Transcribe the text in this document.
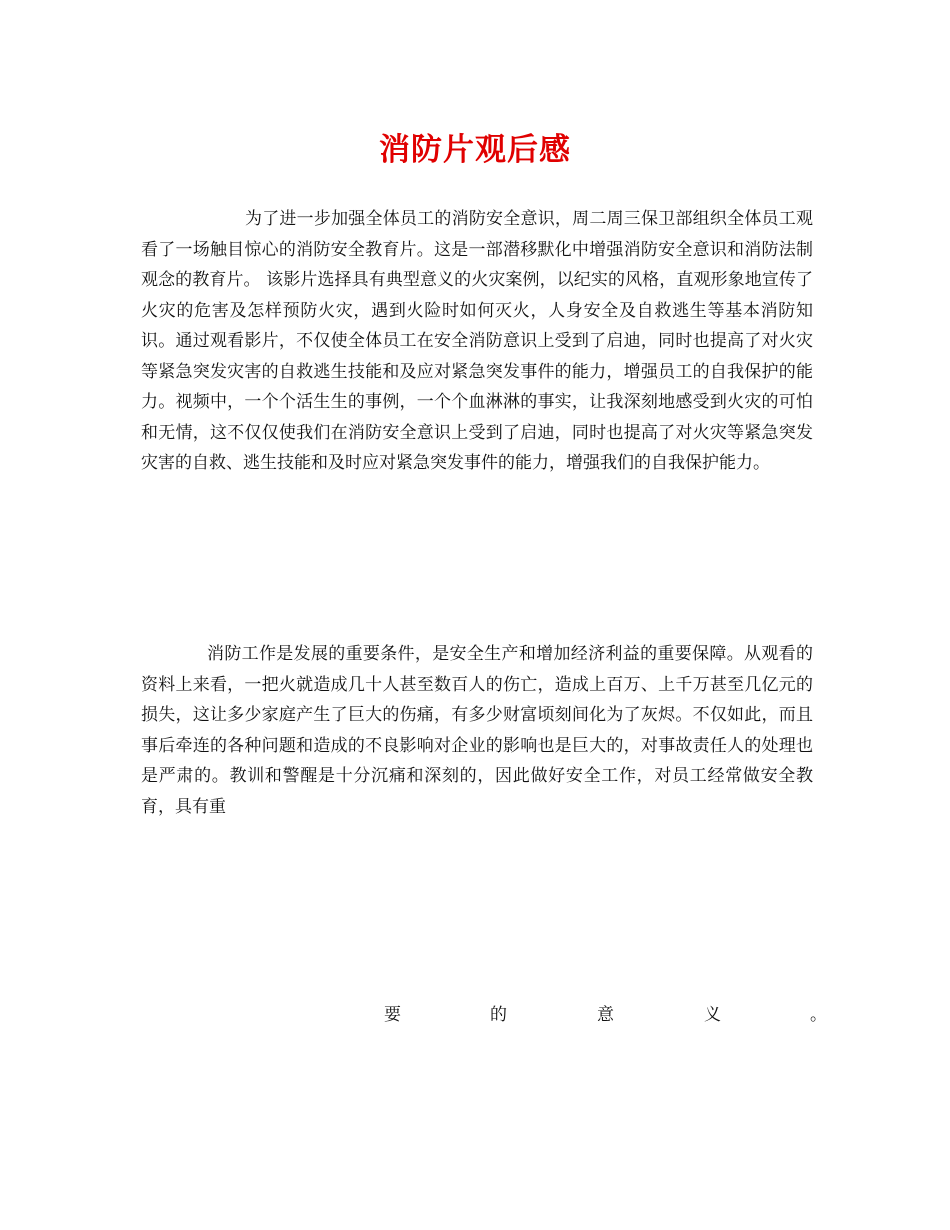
消防片观后感

为了进一步加强全体员工的消防安全意识，周二周三保卫部组织全体员工观看了一场触目惊心的消防安全教育片。这是一部潜移默化中增强消防安全意识和消防法制观念的教育片。 该影片选择具有典型意义的火灾案例，以纪实的风格，直观形象地宣传了火灾的危害及怎样预防火灾，遇到火险时如何灭火，人身安全及自救逃生等基本消防知识。通过观看影片，不仅使全体员工在安全消防意识上受到了启迪，同时也提高了对火灾等紧急突发灾害的自救逃生技能和及应对紧急突发事件的能力，增强员工的自我保护的能力。视频中，一个个活生生的事例，一个个血淋淋的事实，让我深刻地感受到火灾的可怕和无情，这不仅仅使我们在消防安全意识上受到了启迪，同时也提高了对火灾等紧急突发灾害的自救、逃生技能和及时应对紧急突发事件的能力，增强我们的自我保护能力。

消防工作是发展的重要条件，是安全生产和增加经济利益的重要保障。从观看的资料上来看，一把火就造成几十人甚至数百人的伤亡，造成上百万、上千万甚至几亿元的损失，这让多少家庭产生了巨大的伤痛，有多少财富顷刻间化为了灰烬。不仅如此，而且事后牵连的各种问题和造成的不良影响对企业的影响也是巨大的，对事故责任人的处理也是严肃的。教训和警醒是十分沉痛和深刻的，因此做好安全工作，对员工经常做安全教育，具有重

要	的	意	义	。
